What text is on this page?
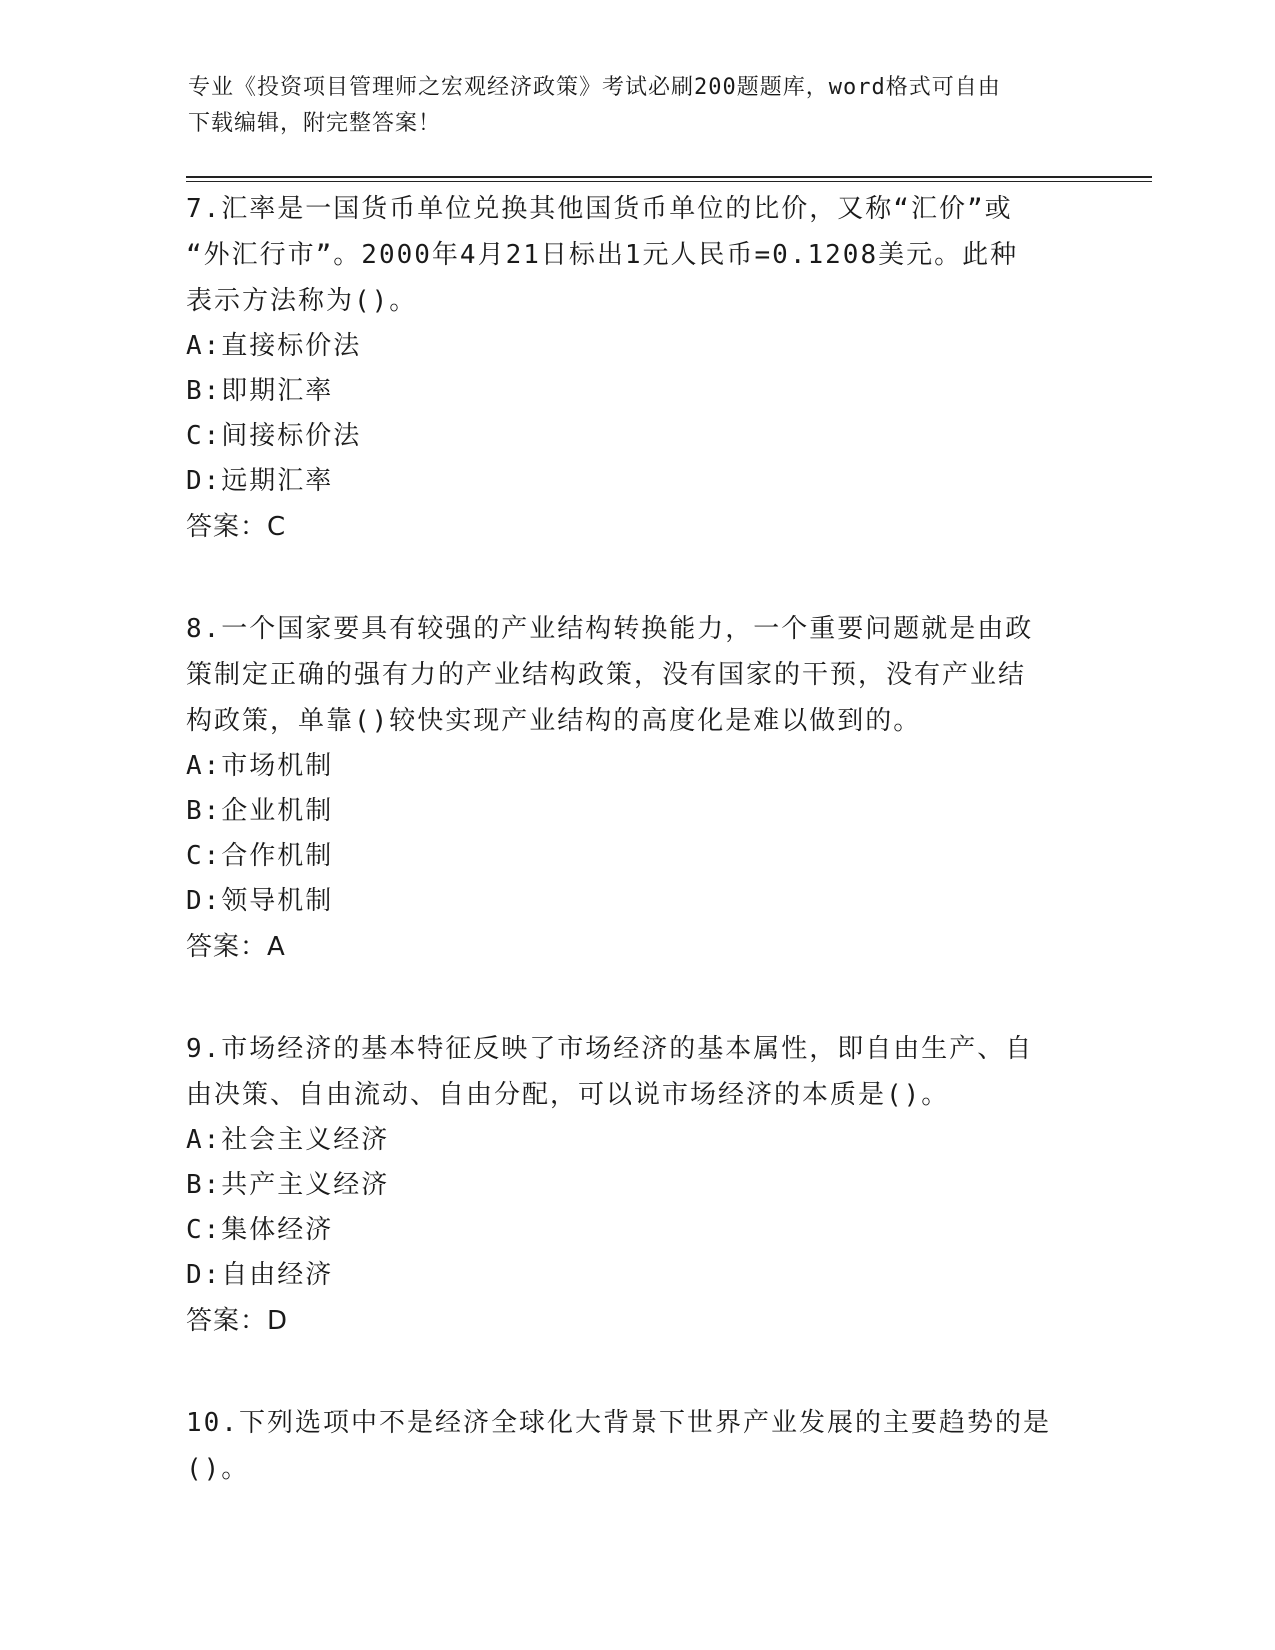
专业《投资项目管理师之宏观经济政策》考试必刷200题题库，word格式可自由
下载编辑，附完整答案！

7.汇率是一国货币单位兑换其他国货币单位的比价，又称“汇价”或

“外汇行市”。2000年4月21日标出1元人民币=0.1208美元。此种

表示方法称为()。

A:直接标价法

B:即期汇率

C:间接标价法

D:远期汇率

答案：C

8.一个国家要具有较强的产业结构转换能力，一个重要问题就是由政

策制定正确的强有力的产业结构政策，没有国家的干预，没有产业结

构政策，单靠()较快实现产业结构的高度化是难以做到的。

A:市场机制

B:企业机制

C:合作机制

D:领导机制

答案：A

9.市场经济的基本特征反映了市场经济的基本属性，即自由生产、自

由决策、自由流动、自由分配，可以说市场经济的本质是()。

A:社会主义经济

B:共产主义经济

C:集体经济

D:自由经济

答案：D

10.下列选项中不是经济全球化大背景下世界产业发展的主要趋势的是

()。
